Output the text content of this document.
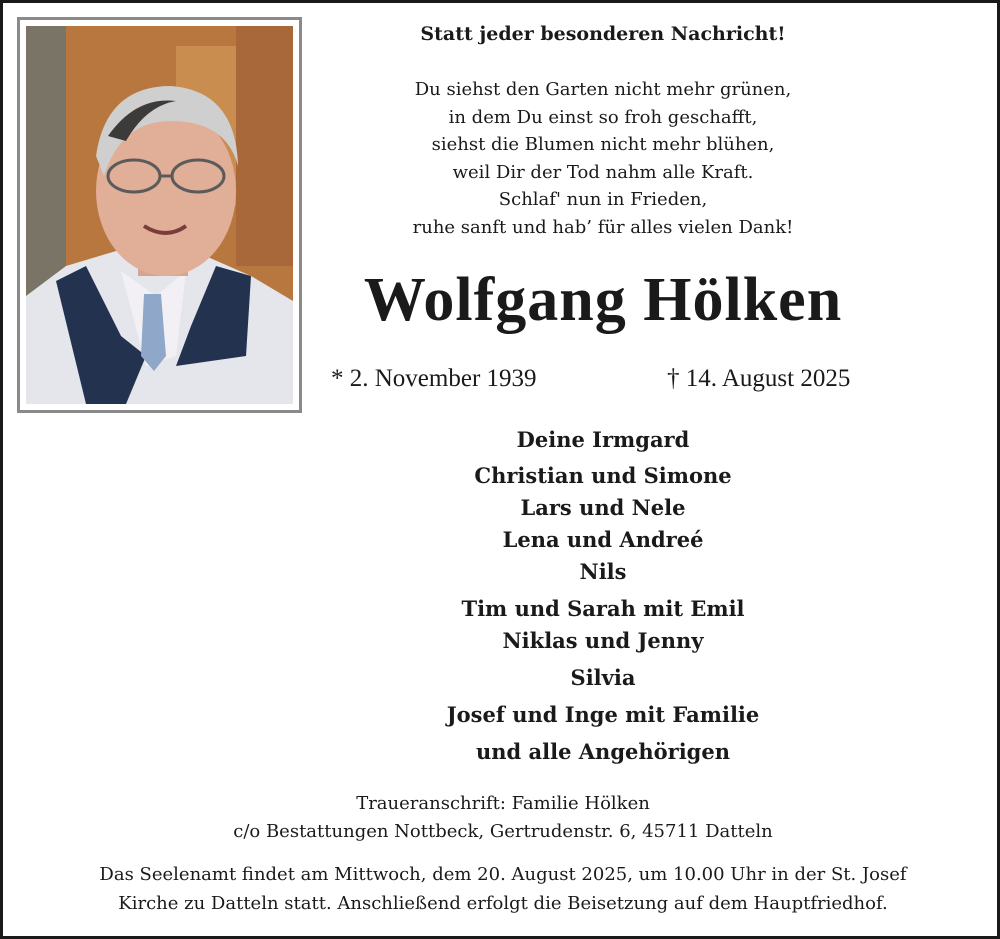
Statt jeder besonderen Nachricht!
Du siehst den Garten nicht mehr grünen,
in dem Du einst so froh geschafft,
siehst die Blumen nicht mehr blühen,
weil Dir der Tod nahm alle Kraft.
Schlaf' nun in Frieden,
ruhe sanft und hab’ für alles vielen Dank!
Wolfgang Hölken
* 2. November 1939	† 14. August 2025
Deine Irmgard
Christian und Simone
Lars und Nele
Lena und Andreé
Nils
Tim und Sarah mit Emil
Niklas und Jenny
Silvia
Josef und Inge mit Familie
und alle Angehörigen
Traueranschrift: Familie Hölken
c/o Bestattungen Nottbeck, Gertrudenstr. 6, 45711 Datteln
Das Seelenamt findet am Mittwoch, dem 20. August 2025, um 10.00 Uhr in der St. Josef
Kirche zu Datteln statt. Anschließend erfolgt die Beisetzung auf dem Hauptfriedhof.
